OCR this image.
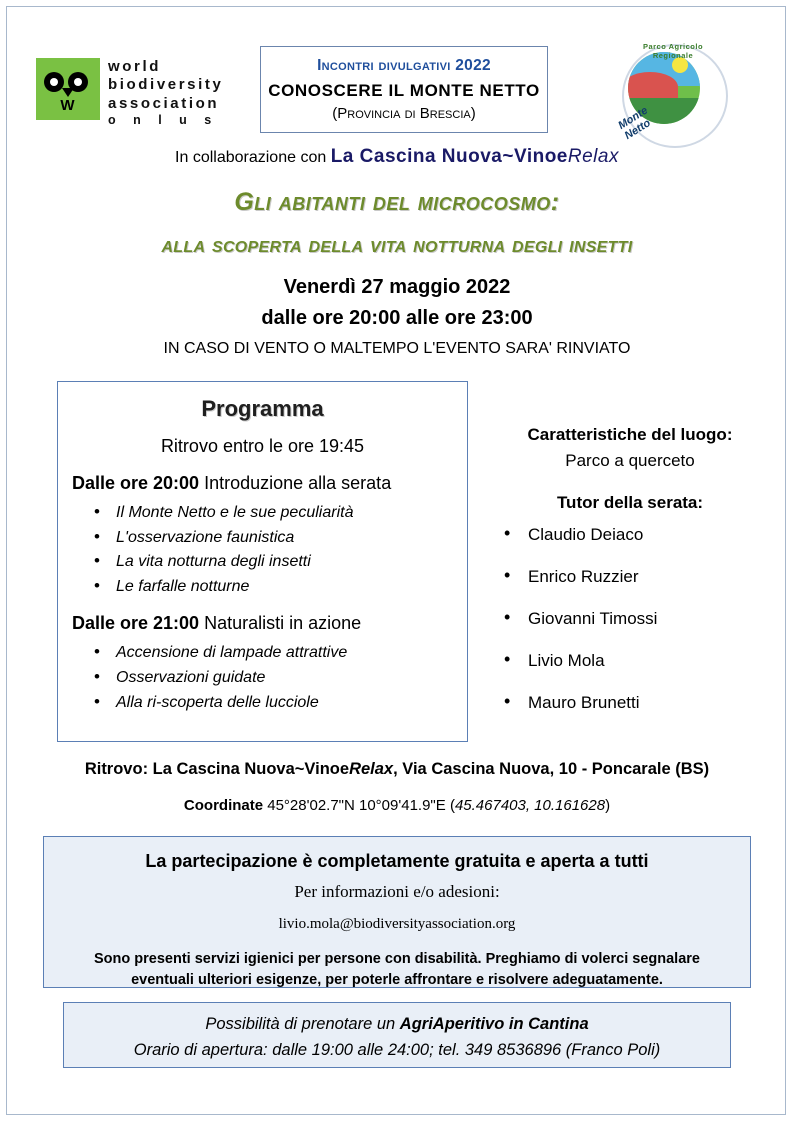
W
world
biodiversity
association
o n l u s
Incontri divulgativi 2022
CONOSCERE IL MONTE NETTO
(Provincia di Brescia)
Parco Agricolo Regionale
Monte Netto
In collaborazione con La Cascina Nuova~VinoeRelax
Gli abitanti del microcosmo:
alla scoperta della vita notturna degli insetti
Venerdì 27 maggio 2022
dalle ore 20:00 alle ore 23:00
IN CASO DI VENTO O MALTEMPO L'EVENTO SARA' RINVIATO
Programma
Ritrovo entro le ore 19:45
Dalle ore 20:00 Introduzione alla serata
• Il Monte Netto e le sue peculiarità
• L'osservazione faunistica
• La vita notturna degli insetti
• Le farfalle notturne
Dalle ore 21:00 Naturalisti in azione
• Accensione di lampade attrattive
• Osservazioni guidate
• Alla ri-scoperta delle lucciole
Caratteristiche del luogo:
Parco a querceto
Tutor della serata:
• Claudio Deiaco
• Enrico Ruzzier
• Giovanni Timossi
• Livio Mola
• Mauro Brunetti
Ritrovo: La Cascina Nuova~VinoeRelax, Via Cascina Nuova, 10 - Poncarale (BS)
Coordinate 45°28'02.7"N 10°09'41.9"E (45.467403, 10.161628)
La partecipazione è completamente gratuita e aperta a tutti
Per informazioni e/o adesioni:
livio.mola@biodiversityassociation.org
Sono presenti servizi igienici per persone con disabilità. Preghiamo di volerci segnalare eventuali ulteriori esigenze, per poterle affrontare e risolvere adeguatamente.
Possibilità di prenotare un AgriAperitivo in Cantina
Orario di apertura: dalle 19:00 alle 24:00; tel. 349 8536896 (Franco Poli)
